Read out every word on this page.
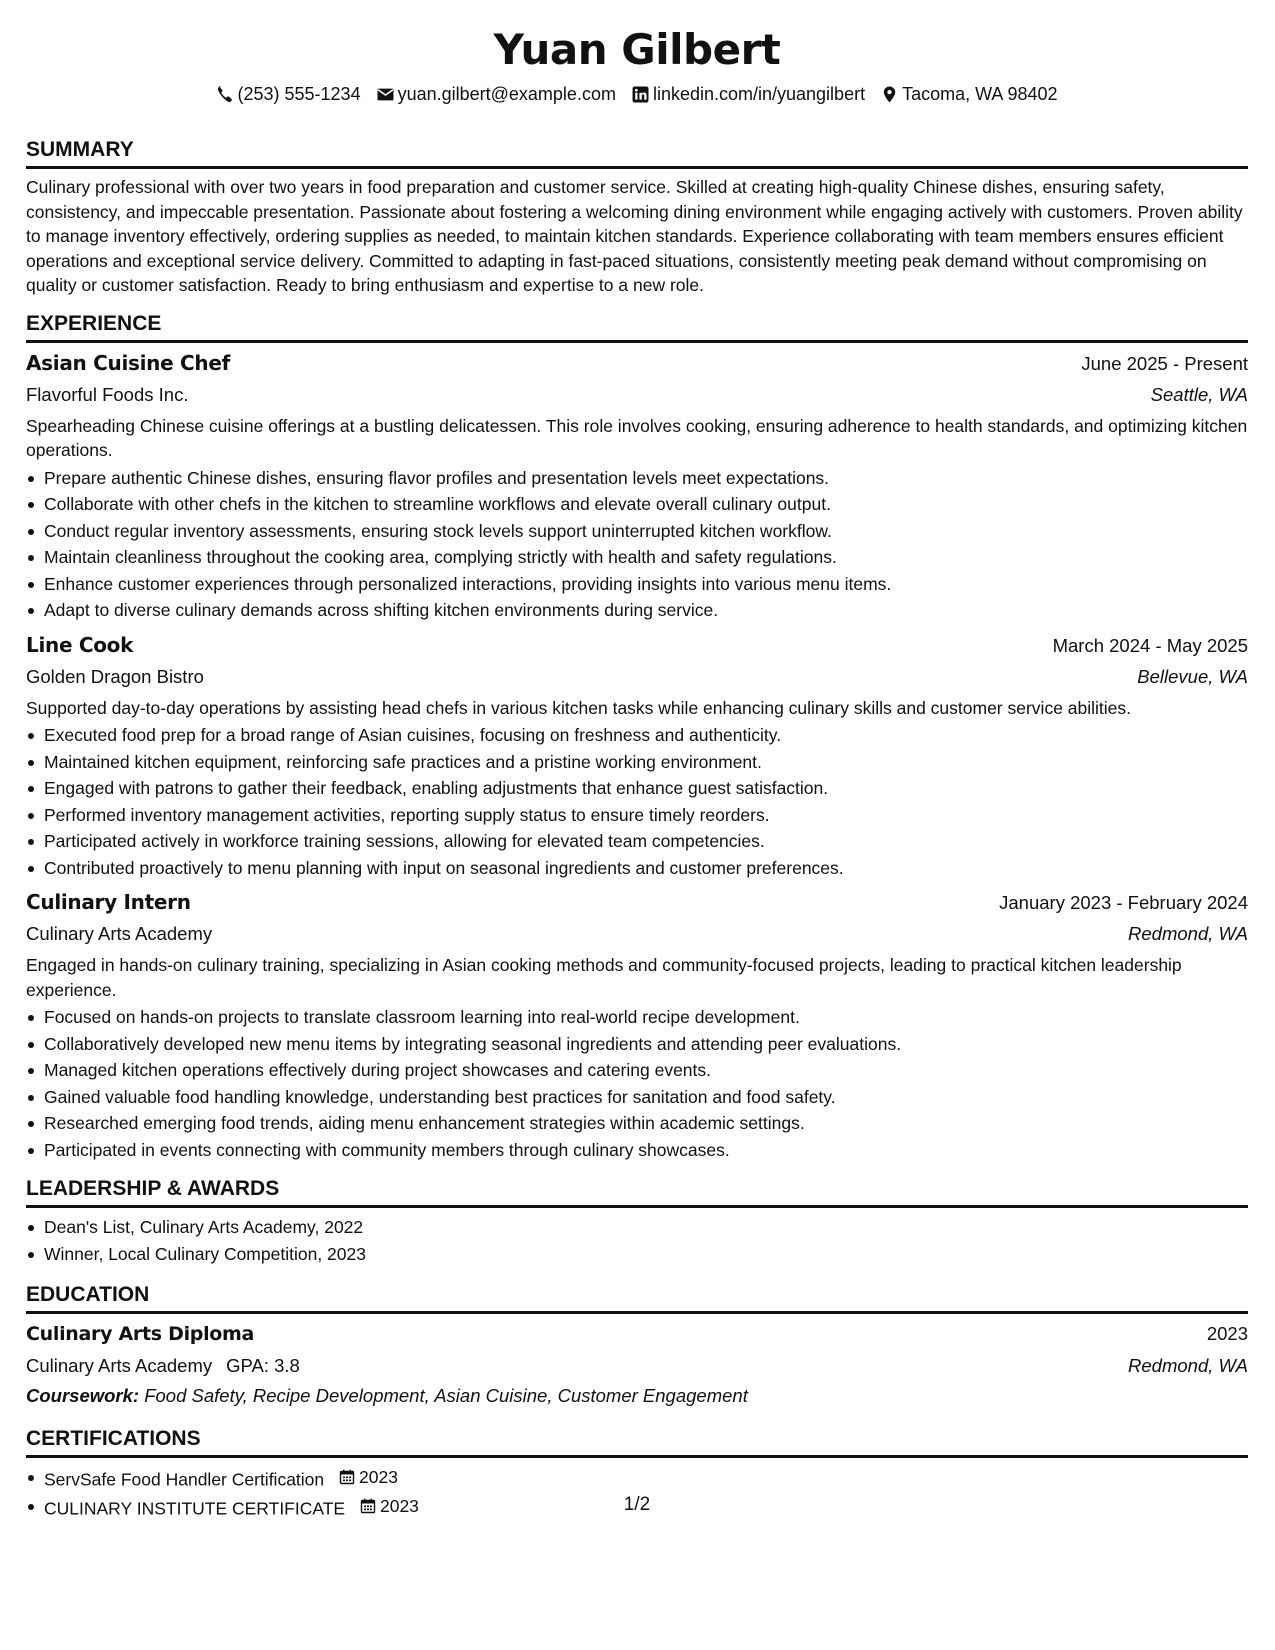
Yuan Gilbert
(253) 555-1234 yuan.gilbert@example.com linkedin.com/in/yuangilbert Tacoma, WA 98402
SUMMARY
Culinary professional with over two years in food preparation and customer service. Skilled at creating high-quality Chinese dishes, ensuring safety, consistency, and impeccable presentation. Passionate about fostering a welcoming dining environment while engaging actively with customers. Proven ability to manage inventory effectively, ordering supplies as needed, to maintain kitchen standards. Experience collaborating with team members ensures efficient operations and exceptional service delivery. Committed to adapting in fast-paced situations, consistently meeting peak demand without compromising on quality or customer satisfaction. Ready to bring enthusiasm and expertise to a new role.
EXPERIENCE
Asian Cuisine Chef	June 2025 - Present
Flavorful Foods Inc.	Seattle, WA
Spearheading Chinese cuisine offerings at a bustling delicatessen. This role involves cooking, ensuring adherence to health standards, and optimizing kitchen operations.
Prepare authentic Chinese dishes, ensuring flavor profiles and presentation levels meet expectations.
Collaborate with other chefs in the kitchen to streamline workflows and elevate overall culinary output.
Conduct regular inventory assessments, ensuring stock levels support uninterrupted kitchen workflow.
Maintain cleanliness throughout the cooking area, complying strictly with health and safety regulations.
Enhance customer experiences through personalized interactions, providing insights into various menu items.
Adapt to diverse culinary demands across shifting kitchen environments during service.
Line Cook	March 2024 - May 2025
Golden Dragon Bistro	Bellevue, WA
Supported day-to-day operations by assisting head chefs in various kitchen tasks while enhancing culinary skills and customer service abilities.
Executed food prep for a broad range of Asian cuisines, focusing on freshness and authenticity.
Maintained kitchen equipment, reinforcing safe practices and a pristine working environment.
Engaged with patrons to gather their feedback, enabling adjustments that enhance guest satisfaction.
Performed inventory management activities, reporting supply status to ensure timely reorders.
Participated actively in workforce training sessions, allowing for elevated team competencies.
Contributed proactively to menu planning with input on seasonal ingredients and customer preferences.
Culinary Intern	January 2023 - February 2024
Culinary Arts Academy	Redmond, WA
Engaged in hands-on culinary training, specializing in Asian cooking methods and community-focused projects, leading to practical kitchen leadership experience.
Focused on hands-on projects to translate classroom learning into real-world recipe development.
Collaboratively developed new menu items by integrating seasonal ingredients and attending peer evaluations.
Managed kitchen operations effectively during project showcases and catering events.
Gained valuable food handling knowledge, understanding best practices for sanitation and food safety.
Researched emerging food trends, aiding menu enhancement strategies within academic settings.
Participated in events connecting with community members through culinary showcases.
LEADERSHIP & AWARDS
Dean's List, Culinary Arts Academy, 2022
Winner, Local Culinary Competition, 2023
EDUCATION
Culinary Arts Diploma	2023
Culinary Arts Academy GPA: 3.8	Redmond, WA
Coursework: Food Safety, Recipe Development, Asian Cuisine, Customer Engagement
CERTIFICATIONS
ServSafe Food Handler Certification 2023
CULINARY INSTITUTE CERTIFICATE 2023	1/2
